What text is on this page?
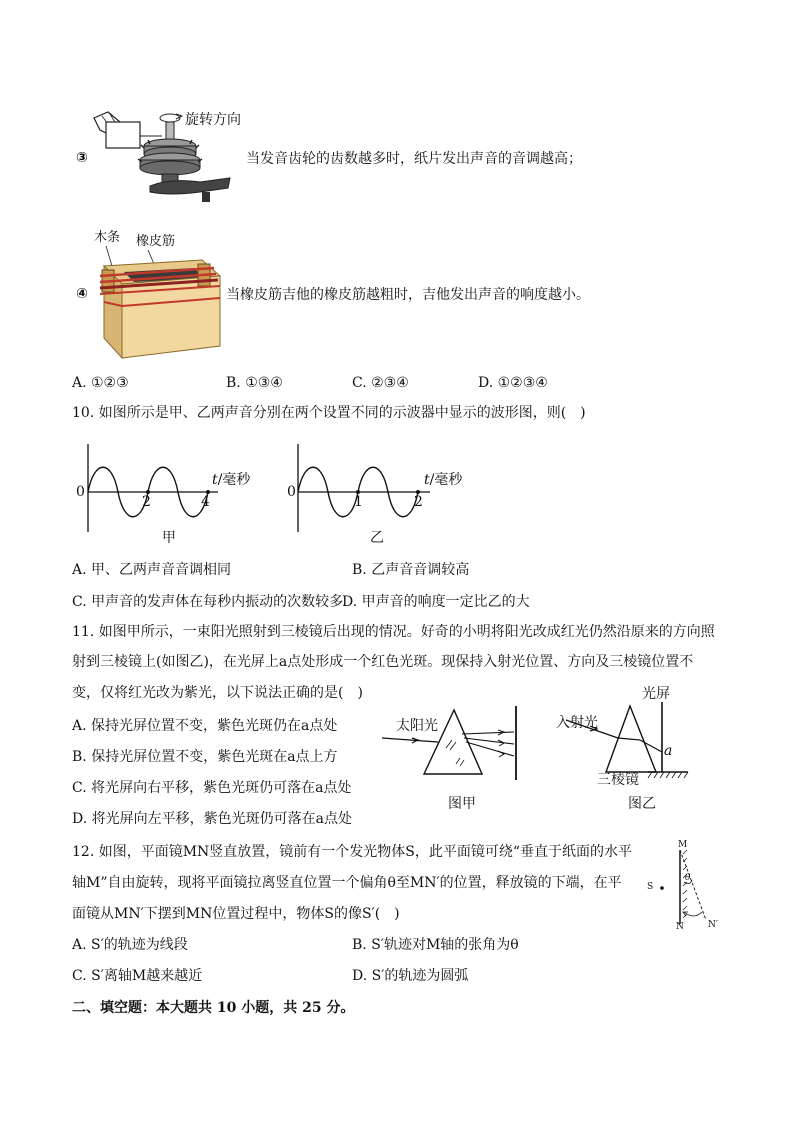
③
旋转方向
当发音齿轮的齿数越多时，纸片发出声音的音调越高；
木条 橡皮筋
④	当橡皮筋吉他的橡皮筋越粗时，吉他发出声音的响度越小。
A. ①②③	B. ①③④	C. ②③④	D. ①②③④
10. 如图所示是甲、乙两声音分别在两个设置不同的示波器中显示的波形图，则(　)
0
2	4
t/毫秒
甲
0
1	2
t/毫秒
乙
A. 甲、乙两声音音调相同	B. 乙声音音调较高
C. 甲声音的发声体在每秒内振动的次数较多
D. 甲声音的响度一定比乙的大
11. 如图甲所示，一束阳光照射到三棱镜后出现的情况。好奇的小明将阳光改成红光仍然沿原来的方向照
射到三棱镜上(如图乙)，在光屏上a点处形成一个红色光斑。现保持入射光位置、方向及三棱镜位置不
变，仅将红光改为紫光，以下说法正确的是(　)
A. 保持光屏位置不变，紫色光斑仍在a点处
B. 保持光屏位置不变，紫色光斑在a点上方
C. 将光屏向右平移，紫色光斑仍可落在a点处
D. 将光屏向左平移，紫色光斑仍可落在a点处
太阳光
图甲
光屏
入射光
a
三棱镜
图乙
12. 如图，平面镜MN竖直放置，镜前有一个发光物体S，此平面镜可绕“垂直于纸面的水平
轴M”自由旋转，现将平面镜拉离竖直位置一个偏角θ至MN′的位置，释放镜的下端，在平
面镜从MN′下摆到MN位置过程中，物体S的像S′(　)
M
S
θ
N	N′
A. S′的轨迹为线段	B. S′轨迹对M轴的张角为θ
C. S′离轴M越来越近	D. S′的轨迹为圆弧
二、填空题：本大题共 10 小题，共 25 分。
